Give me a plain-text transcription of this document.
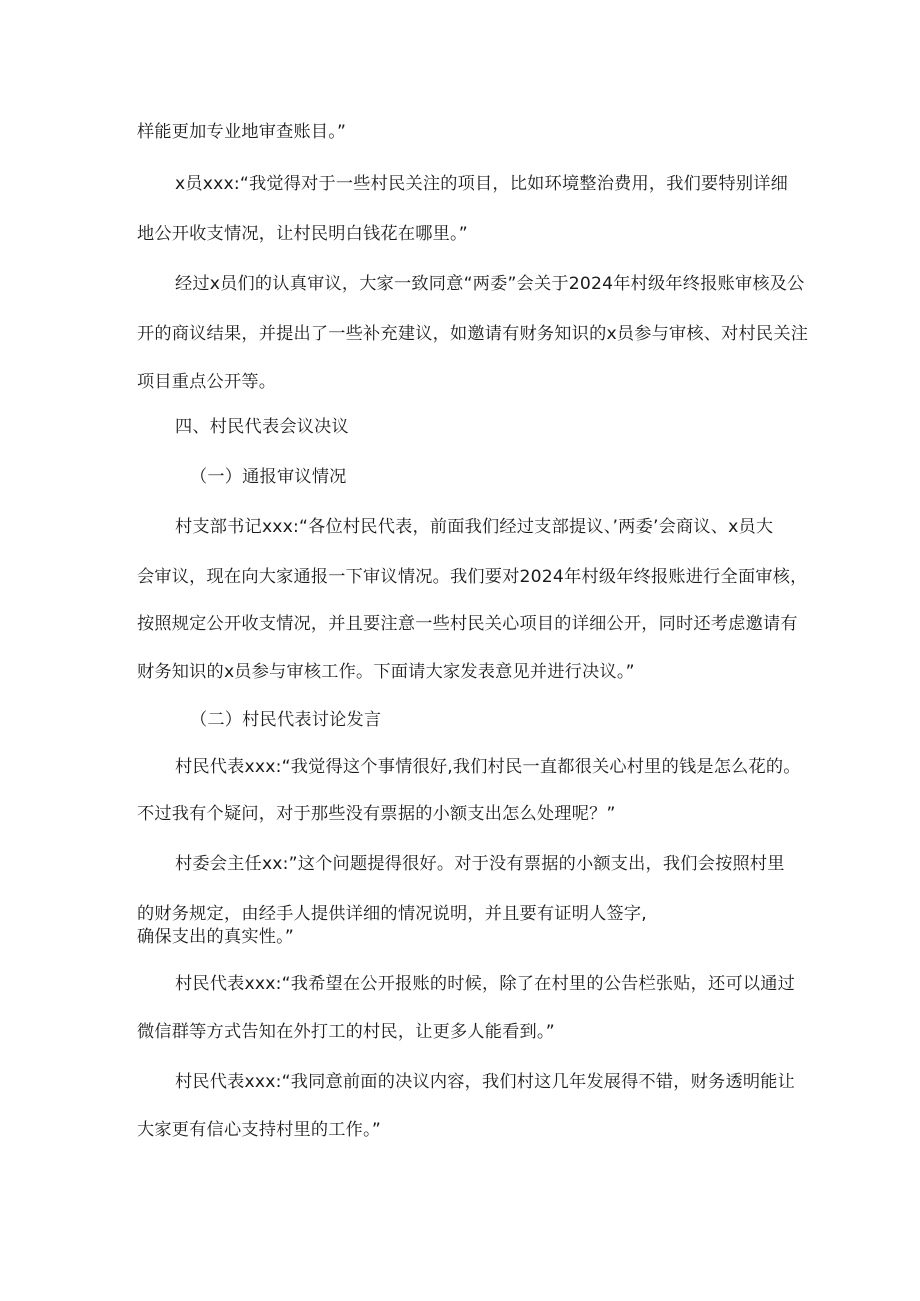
样能更加专业地审查账目。”

x员xxx:“我觉得对于一些村民关注的项目，比如环境整治费用，我们要特别详细

地公开收支情况，让村民明白钱花在哪里。”

经过x员们的认真审议，大家一致同意“两委”会关于2024年村级年终报账审核及公

开的商议结果，并提出了一些补充建议，如邀请有财务知识的x员参与审核、对村民关注

项目重点公开等。

四、村民代表会议决议

（一）通报审议情况

村支部书记xxx:“各位村民代表，前面我们经过支部提议、’两委’会商议、x员大

会审议，现在向大家通报一下审议情况。我们要对2024年村级年终报账进行全面审核，

按照规定公开收支情况，并且要注意一些村民关心项目的详细公开，同时还考虑邀请有

财务知识的x员参与审核工作。下面请大家发表意见并进行决议。”

（二）村民代表讨论发言

村民代表xxx:“我觉得这个事情很好,我们村民一直都很关心村里的钱是怎么花的。

不过我有个疑问，对于那些没有票据的小额支出怎么处理呢？”

村委会主任xx:”这个问题提得很好。对于没有票据的小额支出，我们会按照村里

的财务规定，由经手人提供详细的情况说明，并且要有证明人签字,

确保支出的真实性。”

村民代表xxx:“我希望在公开报账的时候，除了在村里的公告栏张贴，还可以通过

微信群等方式告知在外打工的村民，让更多人能看到。”

村民代表xxx:“我同意前面的决议内容，我们村这几年发展得不错，财务透明能让

大家更有信心支持村里的工作。”
